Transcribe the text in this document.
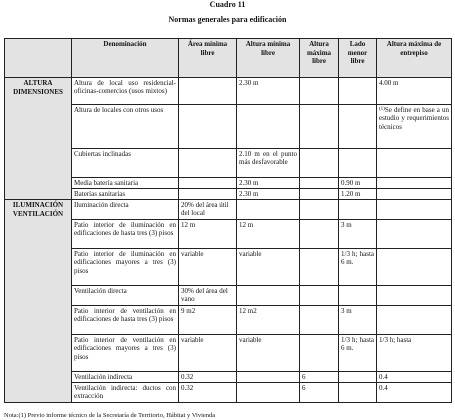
Cuadro 11
Normas generales para edificación
	Denominación	Área mínima libre	Altura mínima libre	Altura máxima libre	Lado menor libre	Altura máxima de entrepiso
ALTURA DIMENSIONES	Altura de local uso residencial-oficinas-comercios (usos mixtos)		2.30 m			4.00 m
	Altura de locales con otros usos					$^{(1)}$Se define en base a un estudio y requerimientos técnicos
	Cubiertas inclinadas		2.10 m en el punto más desfavorable			
	Media batería sanitaria		2.30 m		0.90 m	
	Baterías sanitarias		2.30 m		1.20 m	
ILUMINACIÓN VENTILACIÓN	Iluminación directa	20% del área útil del local				
	Patio interior de iluminación en edificaciones de hasta tres (3) pisos	12 m	12 m		3 m	
	Patio interior de iluminación en edificaciones mayores a tres (3) pisos	variable	variable		1/3 h; hasta 6 m.	
	Ventilación directa	30% del área del vano				
	Patio interior de ventilación en edificaciones de hasta tres (3) pisos	9 m2	12 m2		3 m	
	Patio interior de ventilación en edificaciones mayores a tres (3) pisos	variable	variable		1/3 h; hasta 6 m.	1/3 h; hasta
	Ventilación indirecta	0.32		6		0.4
	Ventilación indirecta: ductos con extracción	0.32		6		0.4
Nota:(1) Previo informe técnico de la Secretaría de Territorio, Hábitat y Vivienda
